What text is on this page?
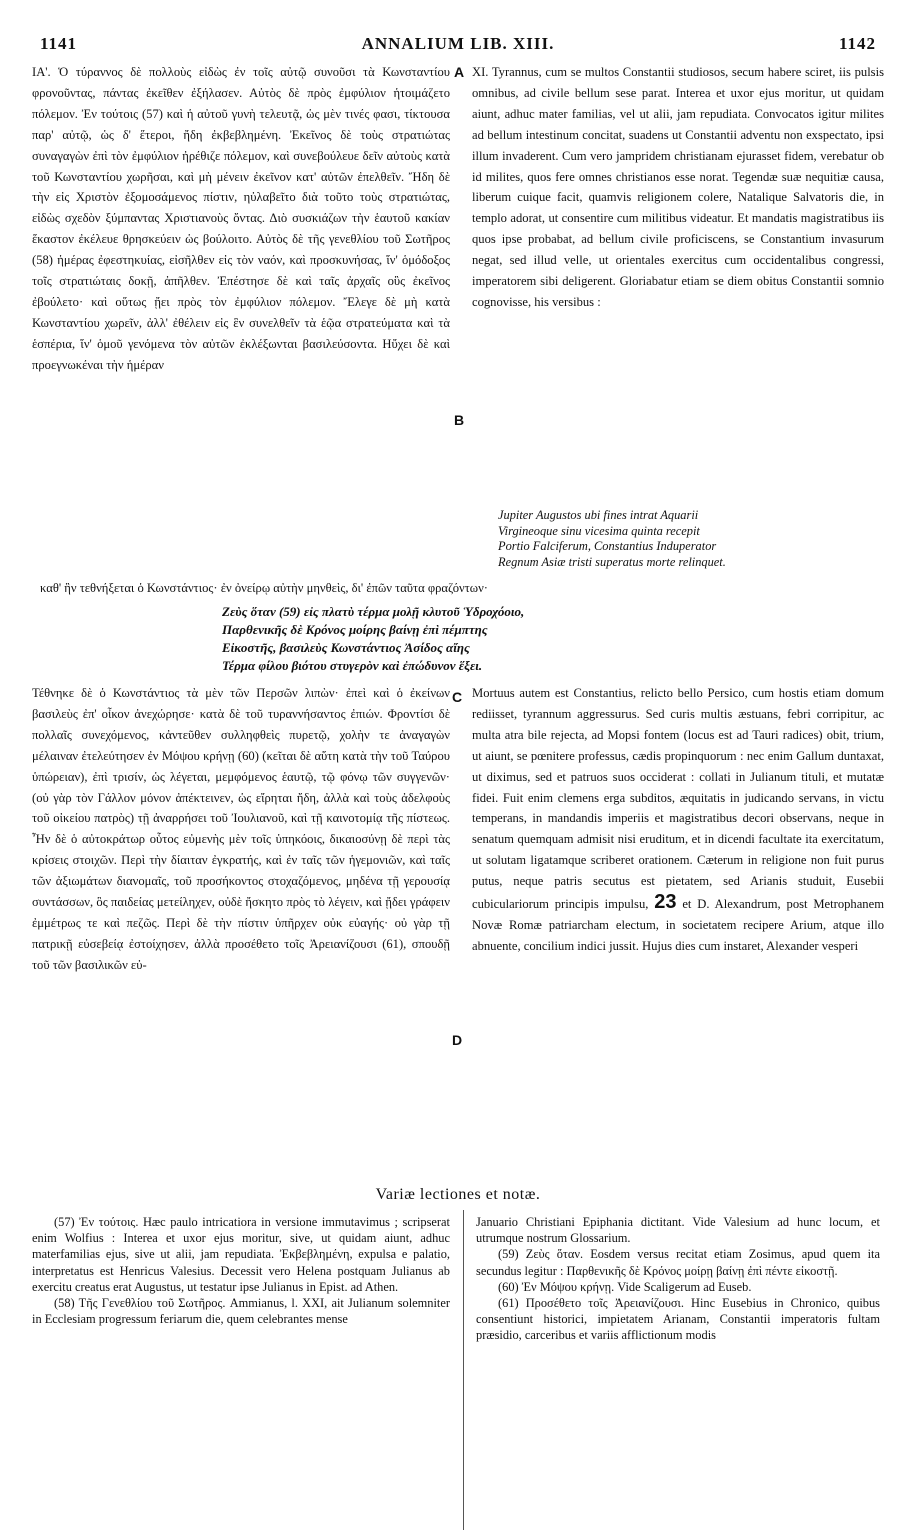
1141	ANNALIUM LIB. XIII.	1142

ΙΑ'. Ὁ τύραννος δὲ πολλοὺς εἰδὼς ἐν τοῖς αὐτῷ συνοῦσι τὰ Κωνσταντίου φρονοῦντας, πάντας ἐκεῖθεν ἐξήλασεν. Αὐτὸς δὲ πρὸς ἐμφύλιον ἡτοιμάζετο πόλεμον. Ἐν τούτοις (57) καὶ ἡ αὐτοῦ γυνὴ τελευτᾷ, ὡς μὲν τινές φασι, τίκτουσα παρ' αὐτῷ, ὡς δ' ἕτεροι, ἤδη ἐκβεβλημένη. Ἐκεῖνος δὲ τοὺς στρατιώτας συναγαγὼν ἐπὶ τὸν ἐμφύλιον ἠρέθιζε πόλεμον, καὶ συνεβούλευε δεῖν αὐτοὺς κατὰ τοῦ Κωνσταντίου χωρῆσαι, καὶ μὴ μένειν ἐκεῖνον κατ' αὐτῶν ἐπελθεῖν. Ἤδη δὲ τὴν εἰς Χριστὸν ἐξομοσάμενος πίστιν, ηὐλαβεῖτο διὰ τοῦτο τοὺς στρατιώτας, εἰδὼς σχεδὸν ξύμπαντας Χριστιανοὺς ὄντας. Διὸ συσκιάζων τὴν ἑαυτοῦ κακίαν ἕκαστον ἐκέλευε θρησκεύειν ὡς βούλοιτο. Αὐτὸς δὲ τῆς γενεθλίου τοῦ Σωτῆρος (58) ἡμέρας ἐφεστηκυίας, εἰσῆλθεν εἰς τὸν ναόν, καὶ προσκυνήσας, ἵν' ὁμόδοξος τοῖς στρατιώταις δοκῇ, ἀπῆλθεν. Ἐπέστησε δὲ καὶ ταῖς ἀρχαῖς οὓς ἐκεῖνος ἐβούλετο· καὶ οὕτως ᾔει πρὸς τὸν ἐμφύλιον πόλεμον. Ἔλεγε δὲ μὴ κατὰ Κωνσταντίου χωρεῖν, ἀλλ' ἐθέλειν εἰς ἓν συνελθεῖν τὰ ἑῷα στρατεύματα καὶ τὰ ἑσπέρια, ἵν' ὁμοῦ γενόμενα τὸν αὐτῶν ἐκλέξωνται βασιλεύσοντα. Ηὔχει δὲ καὶ προεγνωκέναι τὴν ἡμέραν

A
B

XI. Tyrannus, cum se multos Constantii studiosos, secum habere sciret, iis pulsis omnibus, ad civile bellum sese parat. Interea et uxor ejus moritur, ut quidam aiunt, adhuc mater familias, vel ut alii, jam repudiata. Convocatos igitur milites ad bellum intestinum concitat, suadens ut Constantii adventu non exspectato, ipsi illum invaderent. Cum vero jampridem christianam ejurasset fidem, verebatur ob id milites, quos fere omnes christianos esse norat. Tegendæ suæ nequitiæ causa, liberum cuique facit, quamvis religionem colere, Natalique Salvatoris die, in templo adorat, ut consentire cum militibus videatur. Et mandatis magistratibus iis quos ipse probabat, ad bellum civile proficiscens, se Constantium invasurum negat, sed illud velle, ut orientales exercitus cum occidentalibus congressi, imperatorem sibi deligerent. Gloriabatur etiam se diem obitus Constantii somnio cognovisse, his versibus :

Jupiter Augustos ubi fines intrat Aquarii
Virgineoque sinu vicesima quinta recepit
Portio Falciferum, Constantius Induperator
Regnum Asiæ tristi superatus morte relinquet.
καθ' ἣν τεθνήξεται ὁ Κωνστάντιος· ἐν ὀνείρῳ αὐτὴν μηνθεὶς, δι' ἐπῶν ταῦτα φραζόντων·
Ζεὺς ὅταν (59) εἰς πλατὺ τέρμα μολῇ κλυτοῦ Ὑδροχόοιο,
Παρθενικῆς δὲ Κρόνος μοίρης βαίνῃ ἐπὶ πέμπτης
Εἰκοστῆς, βασιλεὺς Κωνστάντιος Ἀσίδος αἴης
Τέρμα φίλου βιότου στυγερὸν καὶ ἐπώδυνον ἕξει.

Τέθνηκε δὲ ὁ Κωνστάντιος τὰ μὲν τῶν Περσῶν λιπὼν· ἐπεὶ καὶ ὁ ἐκείνων βασιλεὺς ἐπ' οἶκον ἀνεχώρησε· κατὰ δὲ τοῦ τυραννήσαντος ἐπιών. Φροντίσι δὲ πολλαῖς συνεχόμενος, κἀντεῦθεν συλληφθεὶς πυρετῷ, χολὴν τε ἀναγαγὼν μέλαιναν ἐτελεύτησεν ἐν Μόψου κρήνῃ (60) (κεῖται δὲ αὕτη κατὰ τὴν τοῦ Ταύρου ὑπώρειαν), ἐπὶ τρισίν, ὡς λέγεται, μεμφόμενος ἑαυτῷ, τῷ φόνῳ τῶν συγγενῶν· (οὐ γὰρ τὸν Γάλλον μόνον ἀπέκτεινεν, ὡς εἴρηται ἤδη, ἀλλὰ καὶ τοὺς ἀδελφοὺς τοῦ οἰκείου πατρὸς) τῇ ἀναρρήσει τοῦ Ἰουλιανοῦ, καὶ τῇ καινοτομίᾳ τῆς πίστεως. Ἦν δὲ ὁ αὐτοκράτωρ οὗτος εὐμενὴς μὲν τοῖς ὑπηκόοις, δικαιοσύνῃ δὲ περὶ τὰς κρίσεις στοιχῶν. Περὶ τὴν δίαιταν ἐγκρατής, καὶ ἐν ταῖς τῶν ἡγεμονιῶν, καὶ ταῖς τῶν ἀξιωμάτων διανομαῖς, τοῦ προσήκοντος στοχαζόμενος, μηδένα τῇ γερουσίᾳ συντάσσων, ὃς παιδείας μετείληχεν, οὐδὲ ἤσκητο πρὸς τὸ λέγειν, καὶ ᾔδει γράφειν ἐμμέτρως τε καὶ πεζῶς. Περὶ δὲ τὴν πίστιν ὑπῆρχεν οὐκ εὐαγής· οὐ γὰρ τῇ πατρικῇ εὐσεβείᾳ ἐστοίχησεν, ἀλλὰ προσέθετο τοῖς Ἀρειανίζουσι (61), σπουδῇ τοῦ τῶν βασιλικῶν εὐ-

C
D

Mortuus autem est Constantius, relicto bello Persico, cum hostis etiam domum rediisset, tyrannum aggressurus. Sed curis multis æstuans, febri corripitur, ac multa atra bile rejecta, ad Mopsi fontem (locus est ad Tauri radices) obit, trium, ut aiunt, se pœnitere professus, cædis propinquorum : nec enim Gallum duntaxat, ut diximus, sed et patruos suos occiderat : collati in Julianum tituli, et mutatæ fidei. Fuit enim clemens erga subditos, æquitatis in judicando servans, in victu temperans, in mandandis imperiis et magistratibus decori observans, neque in senatum quemquam admisit nisi eruditum, et in dicendi facultate ita exercitatum, ut solutam ligatamque scriberet orationem. Cæterum in religione non fuit purus putus, neque patris secutus est pietatem, sed Arianis studuit, Eusebii cubiculariorum principis impulsu, 23 et D. Alexandrum, post Metrophanem Novæ Romæ patriarcham electum, in societatem recipere Arium, atque illo abnuente, concilium indici jussit. Hujus dies cum instaret, Alexander vesperi

Variæ lectiones et notæ.

(57) Ἐν τούτοις. Hæc paulo intricatiora in versione immutavimus ; scripserat enim Wolfius : Interea et uxor ejus moritur, sive, ut quidam aiunt, adhuc materfamilias ejus, sive ut alii, jam repudiata. Ἐκβεβλημένη, expulsa e palatio, interpretatus est Henricus Valesius. Decessit vero Helena postquam Julianus ab exercitu creatus erat Augustus, ut testatur ipse Julianus in Epist. ad Athen.

(58) Τῆς Γενεθλίου τοῦ Σωτῆρος. Ammianus, l. XXI, ait Julianum solemniter in Ecclesiam progressum feriarum die, quem celebrantes mense

Januario Christiani Epiphania dictitant. Vide Valesium ad hunc locum, et utrumque nostrum Glossarium.

(59) Ζεὺς ὅταν. Eosdem versus recitat etiam Zosimus, apud quem ita secundus legitur : Παρθενικῆς δὲ Κρόνος μοίρῃ βαίνῃ ἐπὶ πέντε εἰκοστῇ.

(60) Ἐν Μόψου κρήνῃ. Vide Scaligerum ad Euseb.

(61) Προσέθετο τοῖς Ἀρειανίζουσι. Hinc Eusebius in Chronico, quibus consentiunt historici, impietatem Arianam, Constantii imperatoris fultam præsidio, carceribus et variis afflictionum modis
